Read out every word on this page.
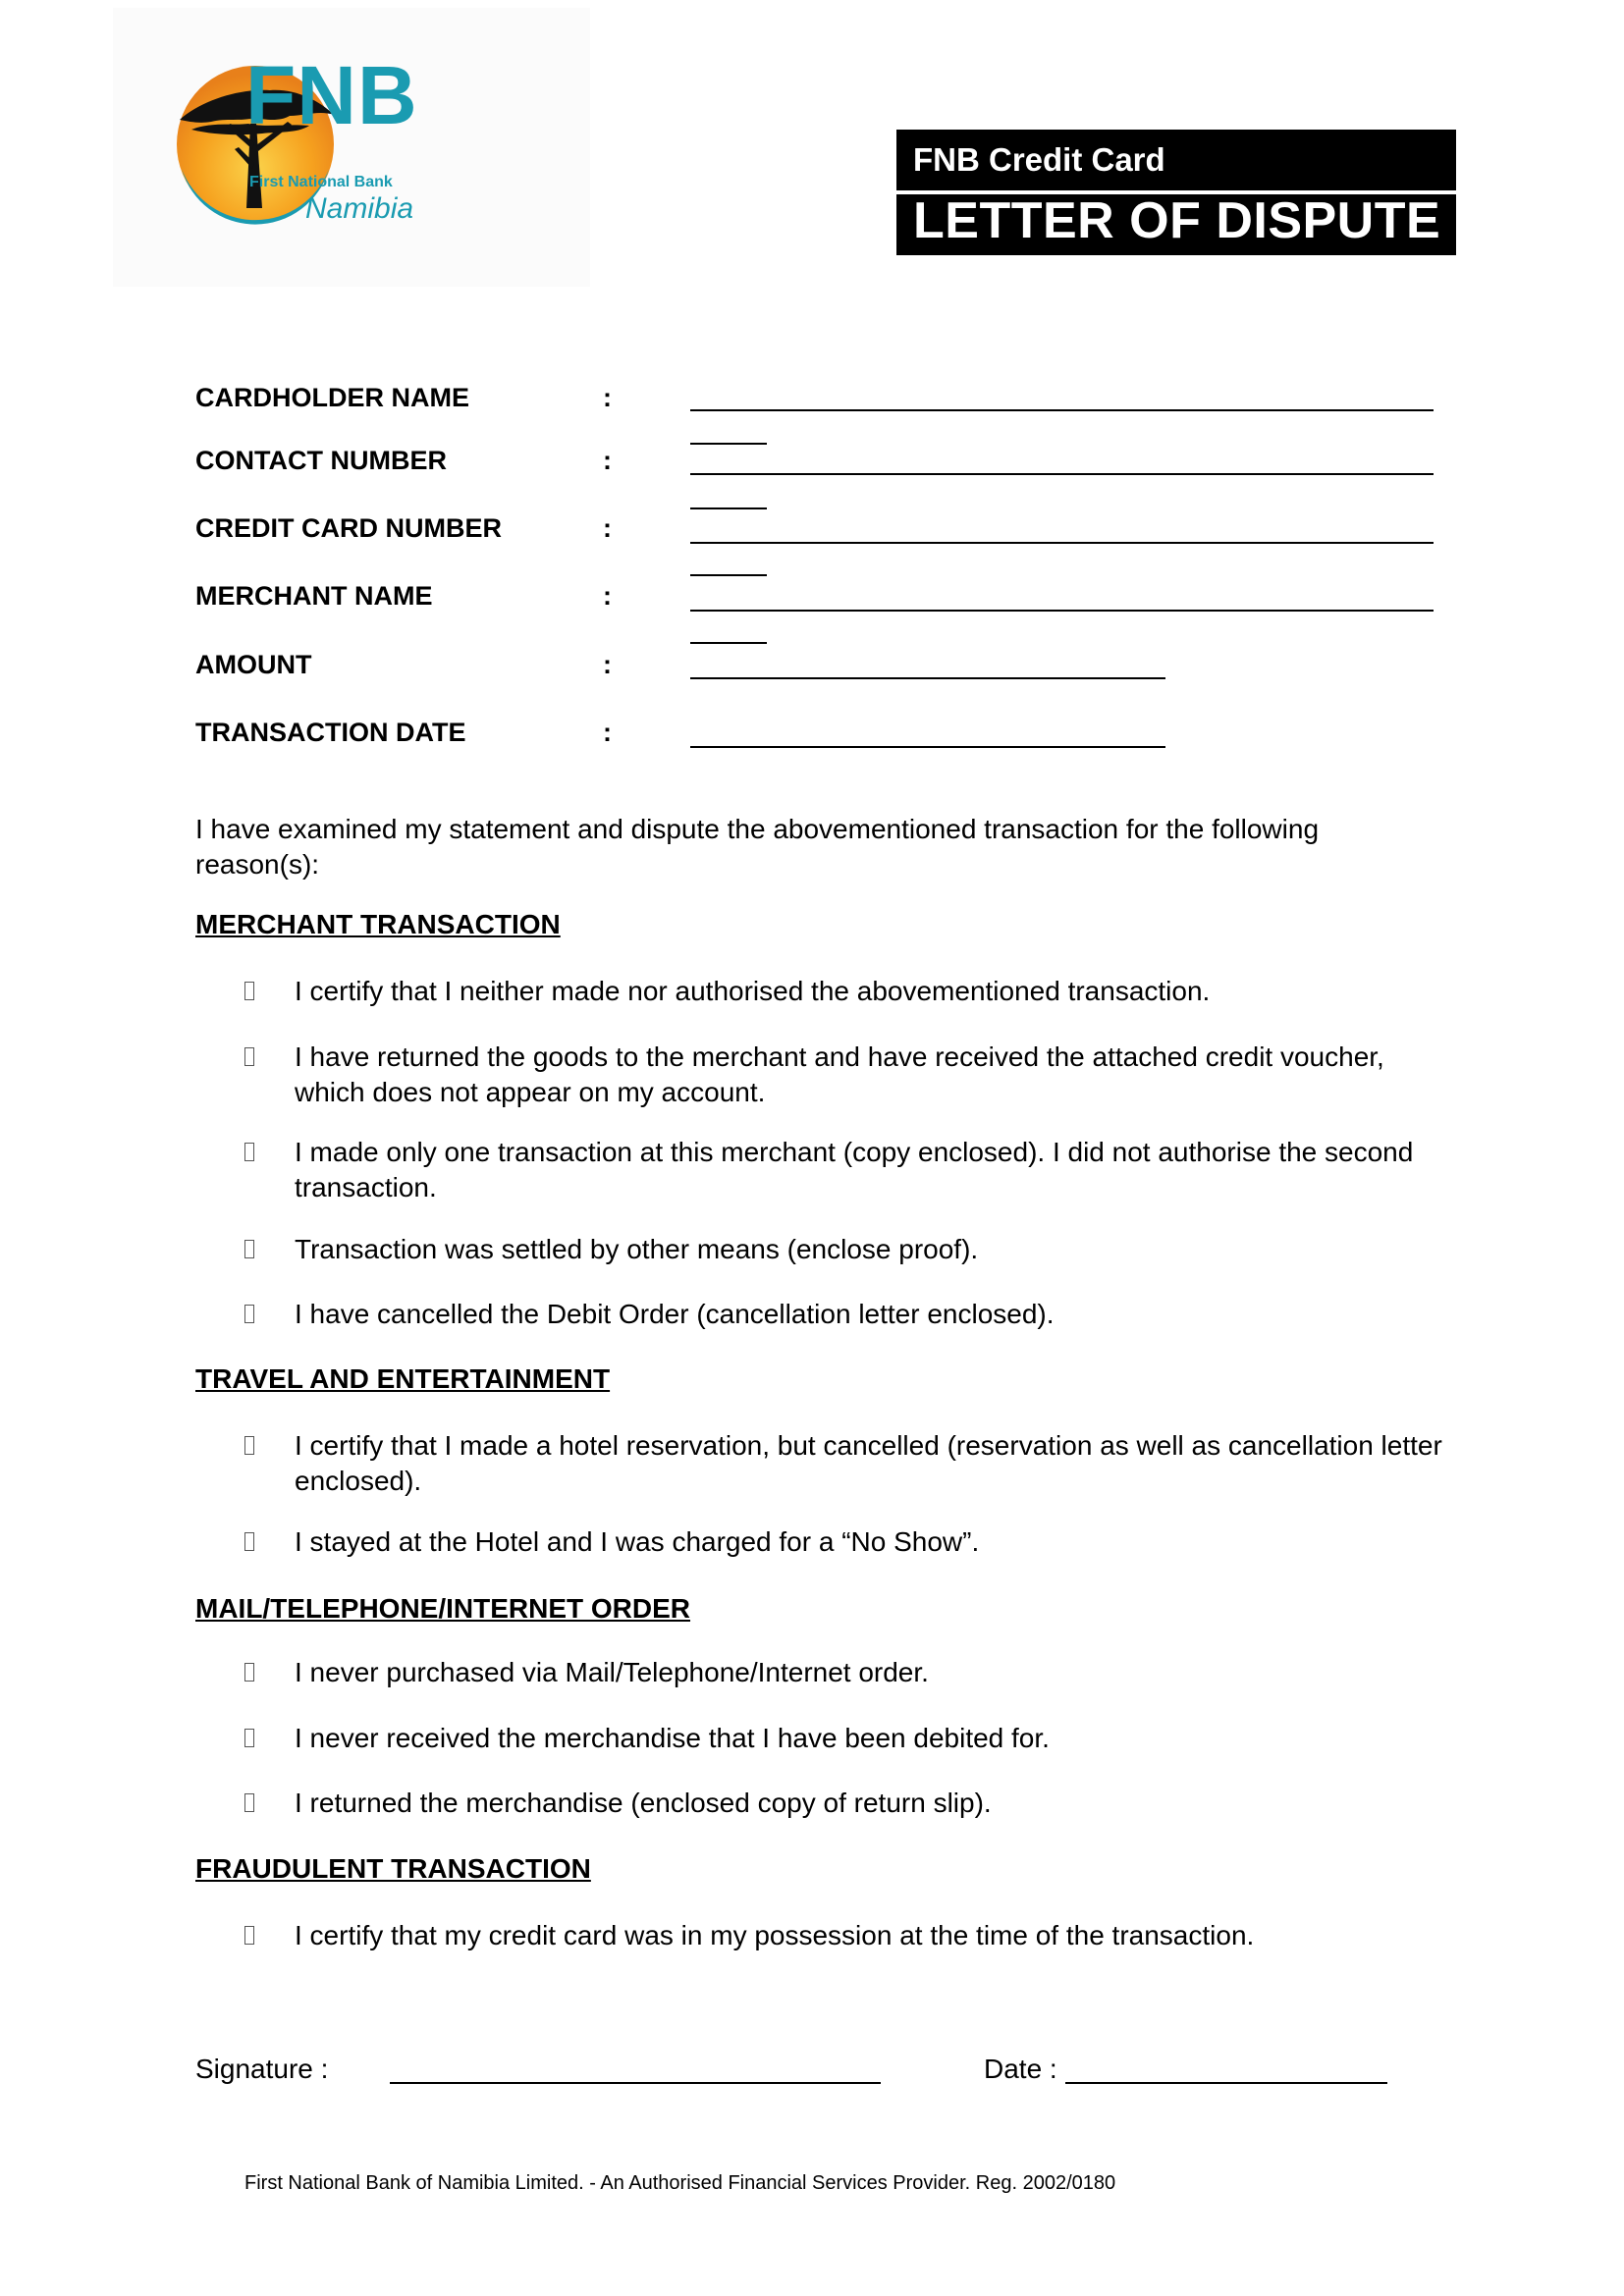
FNB
First National Bank
Namibia
FNB Credit Card
LETTER OF DISPUTE
CARDHOLDER NAME	:
CONTACT NUMBER	:
CREDIT CARD NUMBER	:
MERCHANT NAME	:
AMOUNT	:
TRANSACTION DATE	:
I have examined my statement and dispute the abovementioned transaction for the following reason(s):
MERCHANT TRANSACTION
I certify that I neither made nor authorised the abovementioned transaction.
I have returned the goods to the merchant and have received the attached credit voucher, which does not appear on my account.
I made only one transaction at this merchant (copy enclosed). I did not authorise the second transaction.
Transaction was settled by other means (enclose proof).
I have cancelled the Debit Order (cancellation letter enclosed).
TRAVEL AND ENTERTAINMENT
I certify that I made a hotel reservation, but cancelled (reservation as well as cancellation letter enclosed).
I stayed at the Hotel and I was charged for a “No Show”.
MAIL/TELEPHONE/INTERNET ORDER
I never purchased via Mail/Telephone/Internet order.
I never received the merchandise that I have been debited for.
I returned the merchandise (enclosed copy of return slip).
FRAUDULENT TRANSACTION
I certify that my credit card was in my possession at the time of the transaction.
Signature :	Date :
First National Bank of Namibia Limited. - An Authorised Financial Services Provider. Reg. 2002/0180
